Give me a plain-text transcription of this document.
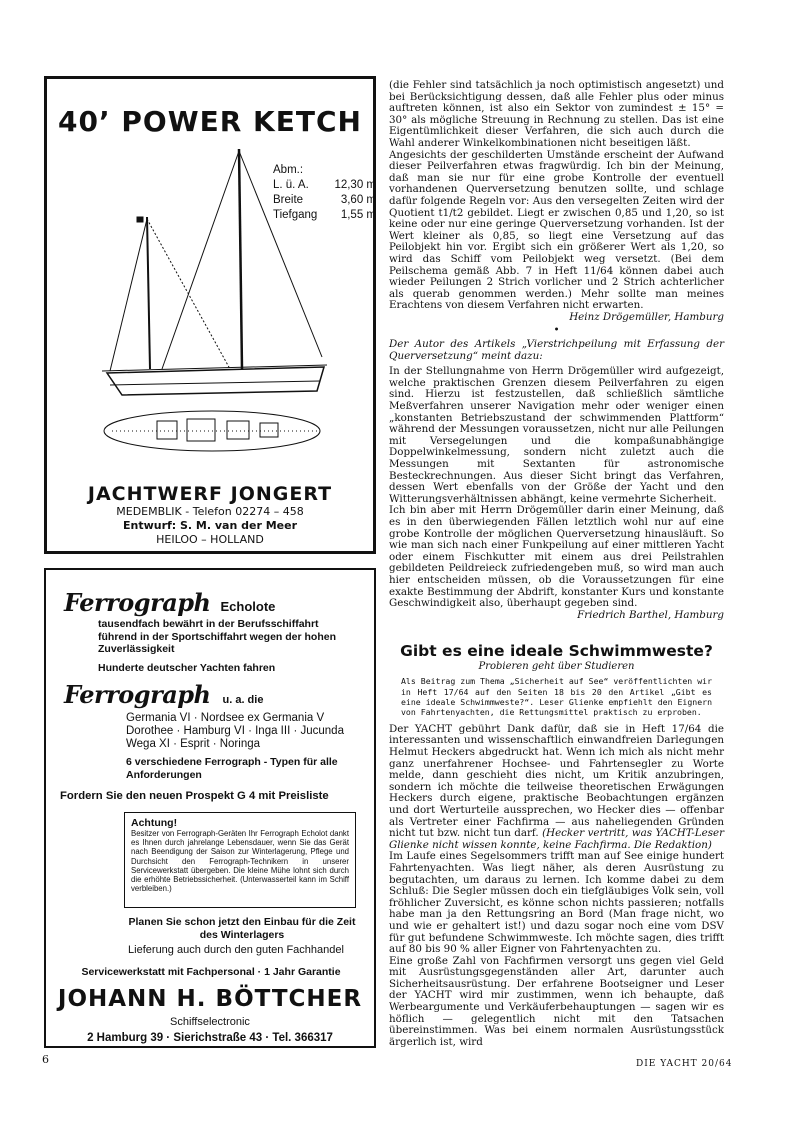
40’ POWER KETCH
Abm.:
L. ü. A.	12,30 m
Breite	3,60 m
Tiefgang	1,55 m
JACHTWERF JONGERT
MEDEMBLIK - Telefon 02274 – 458
Entwurf: S. M. van der Meer
HEILOO – HOLLAND
Ferrograph Echolote
tausendfach bewährt in der Berufsschiffahrt führend in der Sportschiffahrt wegen der hohen Zuverlässigkeit
Hunderte deutscher Yachten fahren
Ferrograph u. a. die
Germania VI · Nordsee ex Germania V Dorothee · Hamburg VI · Inga III · Jucunda Wega XI · Esprit · Noringa
6 verschiedene Ferrograph - Typen für alle Anforderungen
Fordern Sie den neuen Prospekt G 4 mit Preisliste
Achtung!
Besitzer von Ferrograph-Geräten Ihr Ferrograph Echolot dankt es Ihnen durch jahrelange Lebensdauer, wenn Sie das Gerät nach Beendigung der Saison zur Winterlagerung, Pflege und Durchsicht den Ferrograph-Technikern in unserer Servicewerkstatt übergeben. Die kleine Mühe lohnt sich durch die erhöhte Betriebssicherheit. (Unterwasserteil kann im Schiff verbleiben.)
Planen Sie schon jetzt den Einbau für die Zeit des Winterlagers
Lieferung auch durch den guten Fachhandel
Servicewerkstatt mit Fachpersonal · 1 Jahr Garantie
JOHANN H. BÖTTCHER
Schiffselectronic
2 Hamburg 39 · Sierichstraße 43 · Tel. 366317

(die Fehler sind tatsächlich ja noch optimistisch angesetzt) und bei Berücksichtigung dessen, daß alle Fehler plus oder minus auftreten können, ist also ein Sektor von zumindest ± 15° = 30° als mögliche Streuung in Rechnung zu stellen. Das ist eine Eigentümlichkeit dieser Verfahren, die sich auch durch die Wahl anderer Winkelkombinationen nicht beseitigen läßt.

Angesichts der geschilderten Umstände erscheint der Aufwand dieser Peilverfahren etwas fragwürdig. Ich bin der Meinung, daß man sie nur für eine grobe Kontrolle der eventuell vorhandenen Querversetzung benutzen sollte, und schlage dafür folgende Regeln vor: Aus den versegelten Zeiten wird der Quotient t1/t2 gebildet. Liegt er zwischen 0,85 und 1,20, so ist keine oder nur eine geringe Querversetzung vorhanden. Ist der Wert kleiner als 0,85, so liegt eine Versetzung auf das Peilobjekt hin vor. Ergibt sich ein größerer Wert als 1,20, so wird das Schiff vom Peilobjekt weg versetzt. (Bei dem Peilschema gemäß Abb. 7 in Heft 11/64 können dabei auch wieder Peilungen 2 Strich vorlicher und 2 Strich achterlicher als querab genommen werden.) Mehr sollte man meines Erachtens von diesem Verfahren nicht erwarten.

Heinz Drögemüller, Hamburg

•

Der Autor des Artikels „Vierstrichpeilung mit Erfassung der Querversetzung“ meint dazu:

In der Stellungnahme von Herrn Drögemüller wird aufgezeigt, welche praktischen Grenzen diesem Peilverfahren zu eigen sind. Hierzu ist festzustellen, daß schließlich sämtliche Meßverfahren unserer Navigation mehr oder weniger einen „konstanten Betriebszustand der schwimmenden Plattform“ während der Messungen voraussetzen, nicht nur alle Peilungen mit Versegelungen und die kompaßunabhängige Doppelwinkelmessung, sondern nicht zuletzt auch die Messungen mit Sextanten für astronomische Besteckrechnungen. Aus dieser Sicht bringt das Verfahren, dessen Wert ebenfalls von der Größe der Yacht und den Witterungsverhältnissen abhängt, keine vermehrte Sicherheit.

Ich bin aber mit Herrn Drögemüller darin einer Meinung, daß es in den überwiegenden Fällen letztlich wohl nur auf eine grobe Kontrolle der möglichen Querversetzung hinausläuft. So wie man sich nach einer Funkpeilung auf einer mittleren Yacht oder einem Fischkutter mit einem aus drei Peilstrahlen gebildeten Peildreieck zufriedengeben muß, so wird man auch hier entscheiden müssen, ob die Voraussetzungen für eine exakte Bestimmung der Abdrift, konstanter Kurs und konstante Geschwindigkeit also, überhaupt gegeben sind.

Friedrich Barthel, Hamburg

Gibt es eine ideale Schwimmweste?
Probieren geht über Studieren

Als Beitrag zum Thema „Sicherheit auf See“ veröffentlichten wir in Heft 17/64 auf den Seiten 18 bis 20 den Artikel „Gibt es eine ideale Schwimmweste?“. Leser Glienke empfiehlt den Eignern von Fahrtenyachten, die Rettungsmittel praktisch zu erproben.

Der YACHT gebührt Dank dafür, daß sie in Heft 17/64 die interessanten und wissenschaftlich einwandfreien Darlegungen Helmut Heckers abgedruckt hat. Wenn ich mich als nicht mehr ganz unerfahrener Hochsee- und Fahrtensegler zu Worte melde, dann geschieht dies nicht, um Kritik anzubringen, sondern ich möchte die teilweise theoretischen Erwägungen Heckers durch eigene, praktische Beobachtungen ergänzen und dort Werturteile aussprechen, wo Hecker dies — offenbar als Vertreter einer Fachfirma — aus naheliegenden Gründen nicht tut bzw. nicht tun darf. (Hecker vertritt, was YACHT-Leser Glienke nicht wissen konnte, keine Fachfirma. Die Redaktion)

Im Laufe eines Segelsommers trifft man auf See einige hundert Fahrtenyachten. Was liegt näher, als deren Ausrüstung zu begutachten, um daraus zu lernen. Ich komme dabei zu dem Schluß: Die Segler müssen doch ein tiefgläubiges Volk sein, voll fröhlicher Zuversicht, es könne schon nichts passieren; notfalls habe man ja den Rettungsring an Bord (Man frage nicht, wo und wie er gehaltert ist!) und dazu sogar noch eine vom DSV für gut befundene Schwimmweste. Ich möchte sagen, dies trifft auf 80 bis 90 % aller Eigner von Fahrtenyachten zu.

Eine große Zahl von Fachfirmen versorgt uns gegen viel Geld mit Ausrüstungsgegenständen aller Art, darunter auch Sicherheitsausrüstung. Der erfahrene Bootseigner und Leser der YACHT wird mir zustimmen, wenn ich behaupte, daß Werbeargumente und Verkäuferbehauptungen — sagen wir es höflich — gelegentlich nicht mit den Tatsachen übereinstimmen. Was bei einem normalen Ausrüstungsstück ärgerlich ist, wird

6	DIE YACHT 20/64
